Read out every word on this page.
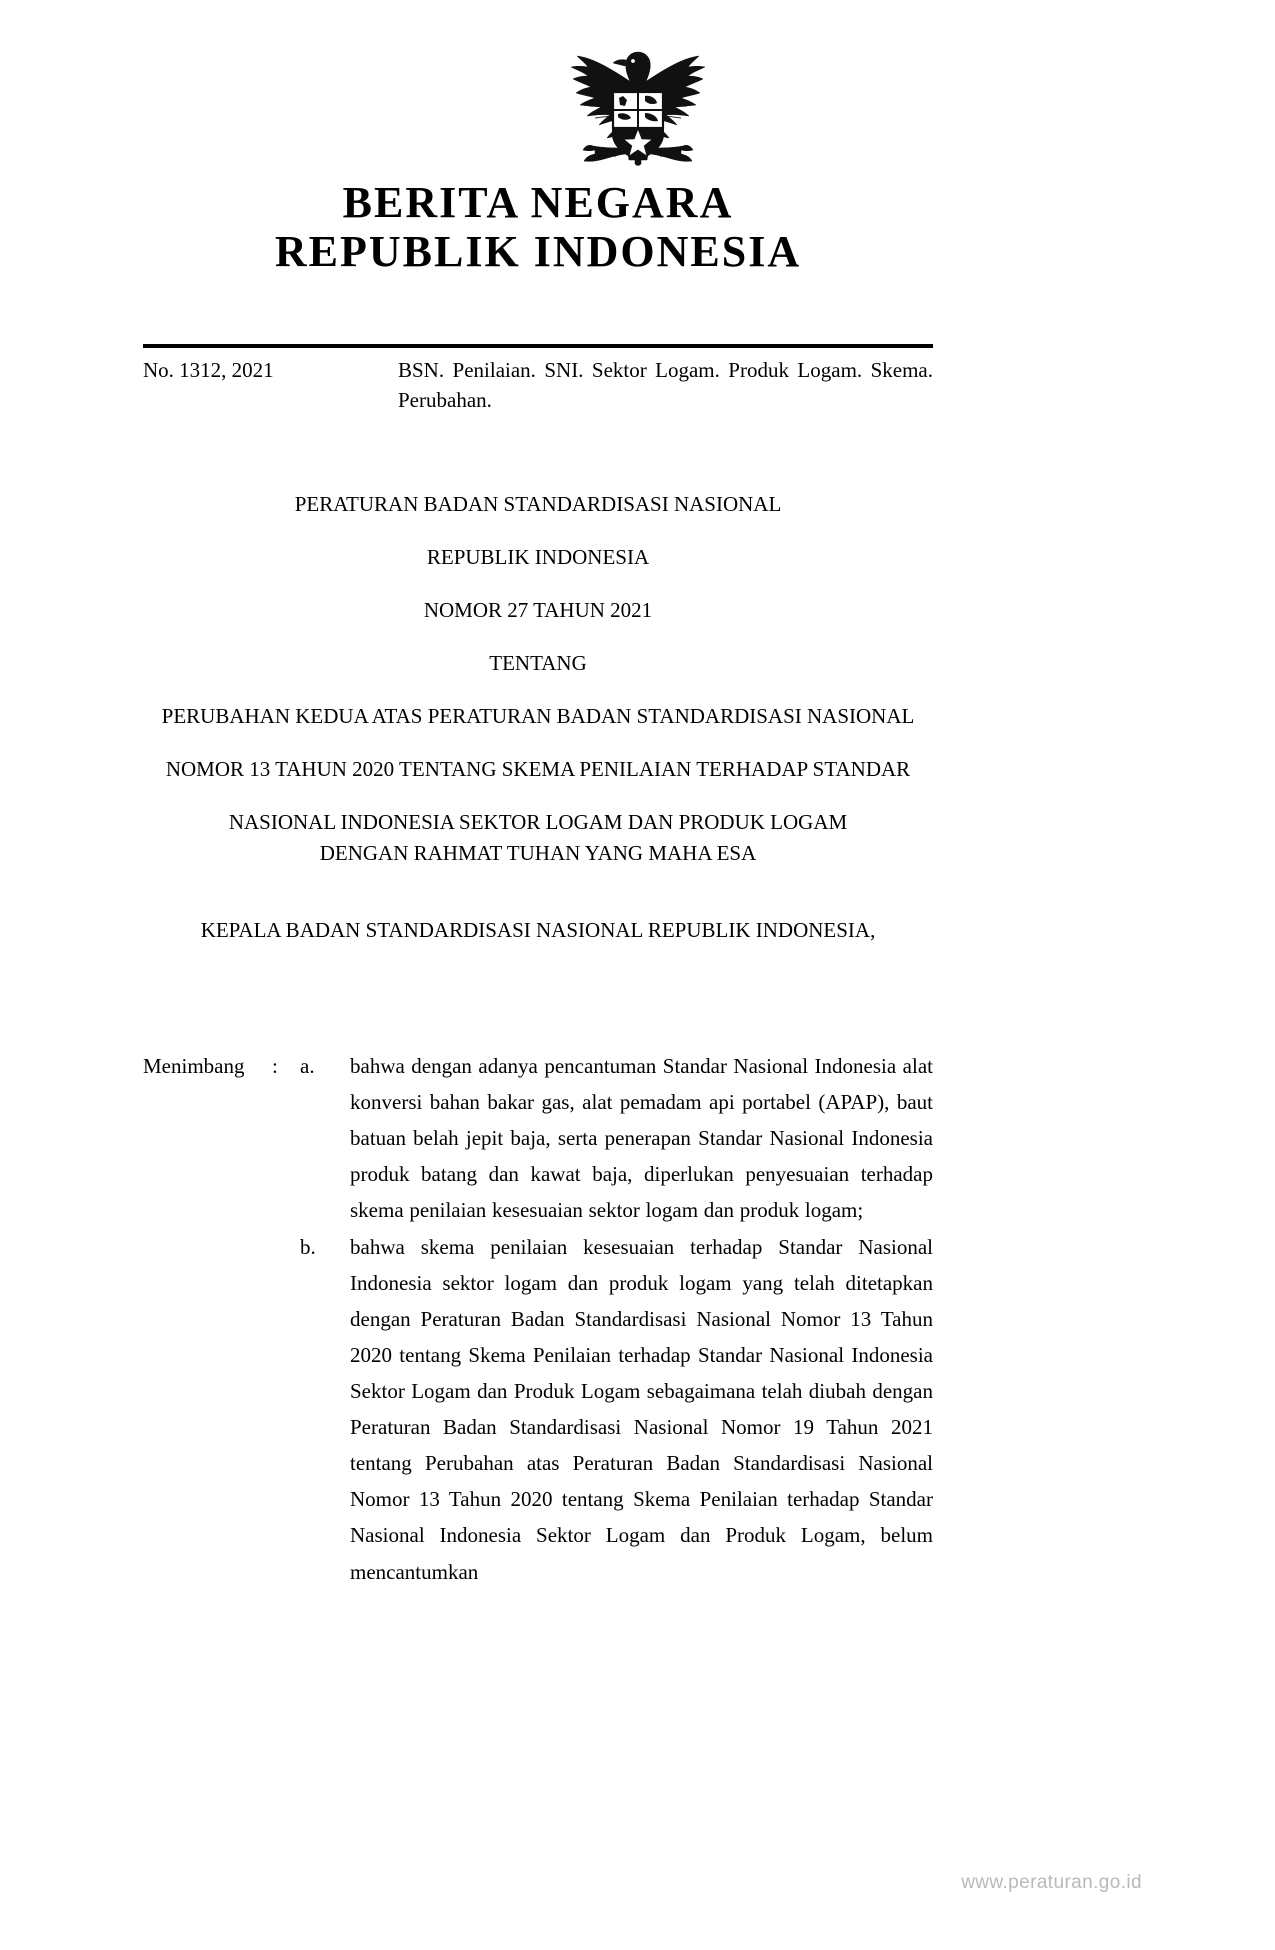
BERITA NEGARA
REPUBLIK INDONESIA
No. 1312, 2021	BSN. Penilaian. SNI. Sektor Logam. Produk Logam. Skema. Perubahan.
PERATURAN BADAN STANDARDISASI NASIONAL
REPUBLIK INDONESIA
NOMOR 27 TAHUN 2021
TENTANG
PERUBAHAN KEDUA ATAS PERATURAN BADAN STANDARDISASI NASIONAL
NOMOR 13 TAHUN 2020 TENTANG SKEMA PENILAIAN TERHADAP STANDAR
NASIONAL INDONESIA SEKTOR LOGAM DAN PRODUK LOGAM
DENGAN RAHMAT TUHAN YANG MAHA ESA
KEPALA BADAN STANDARDISASI NASIONAL REPUBLIK INDONESIA,
Menimbang	:	a.	bahwa dengan adanya pencantuman Standar Nasional Indonesia alat konversi bahan bakar gas, alat pemadam api portabel (APAP), baut batuan belah jepit baja, serta penerapan Standar Nasional Indonesia produk batang dan kawat baja, diperlukan penyesuaian terhadap skema penilaian kesesuaian sektor logam dan produk logam;
b.	bahwa skema penilaian kesesuaian terhadap Standar Nasional Indonesia sektor logam dan produk logam yang telah ditetapkan dengan Peraturan Badan Standardisasi Nasional Nomor 13 Tahun 2020 tentang Skema Penilaian terhadap Standar Nasional Indonesia Sektor Logam dan Produk Logam sebagaimana telah diubah dengan Peraturan Badan Standardisasi Nasional Nomor 19 Tahun 2021 tentang Perubahan atas Peraturan Badan Standardisasi Nasional Nomor 13 Tahun 2020 tentang Skema Penilaian terhadap Standar Nasional Indonesia Sektor Logam dan Produk Logam, belum mencantumkan
www.peraturan.go.id
